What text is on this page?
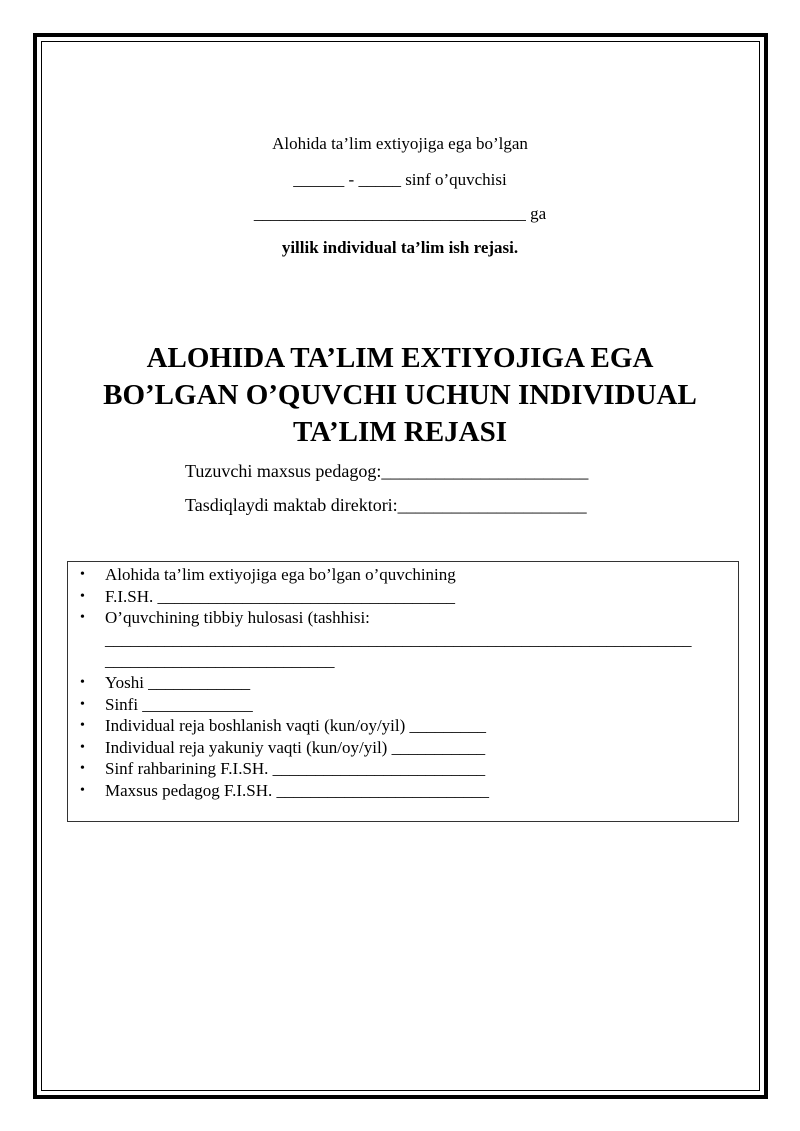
Alohida ta’lim extiyojiga ega bo’lgan
______ - _____ sinf o’quvchisi
________________________________ ga
yillik individual ta’lim ish rejasi.
ALOHIDA TA’LIM EXTIYOJIGA EGA
BO’LGAN O’QUVCHI UCHUN INDIVIDUAL
TA’LIM REJASI
Tuzuvchi maxsus pedagog:_______________________
Tasdiqlaydi maktab direktori:_____________________
• Alohida ta’lim extiyojiga ega bo’lgan o’quvchining
• F.I.SH. ___________________________________
• O’quvchining tibbiy hulosasi (tashhisi:
_____________________________________________________________________
___________________________
• Yoshi ____________
• Sinfi _____________
• Individual reja boshlanish vaqti (kun/oy/yil) _________
• Individual reja yakuniy vaqti (kun/oy/yil) ___________
• Sinf rahbarining F.I.SH. _________________________
• Maxsus pedagog F.I.SH. _________________________
